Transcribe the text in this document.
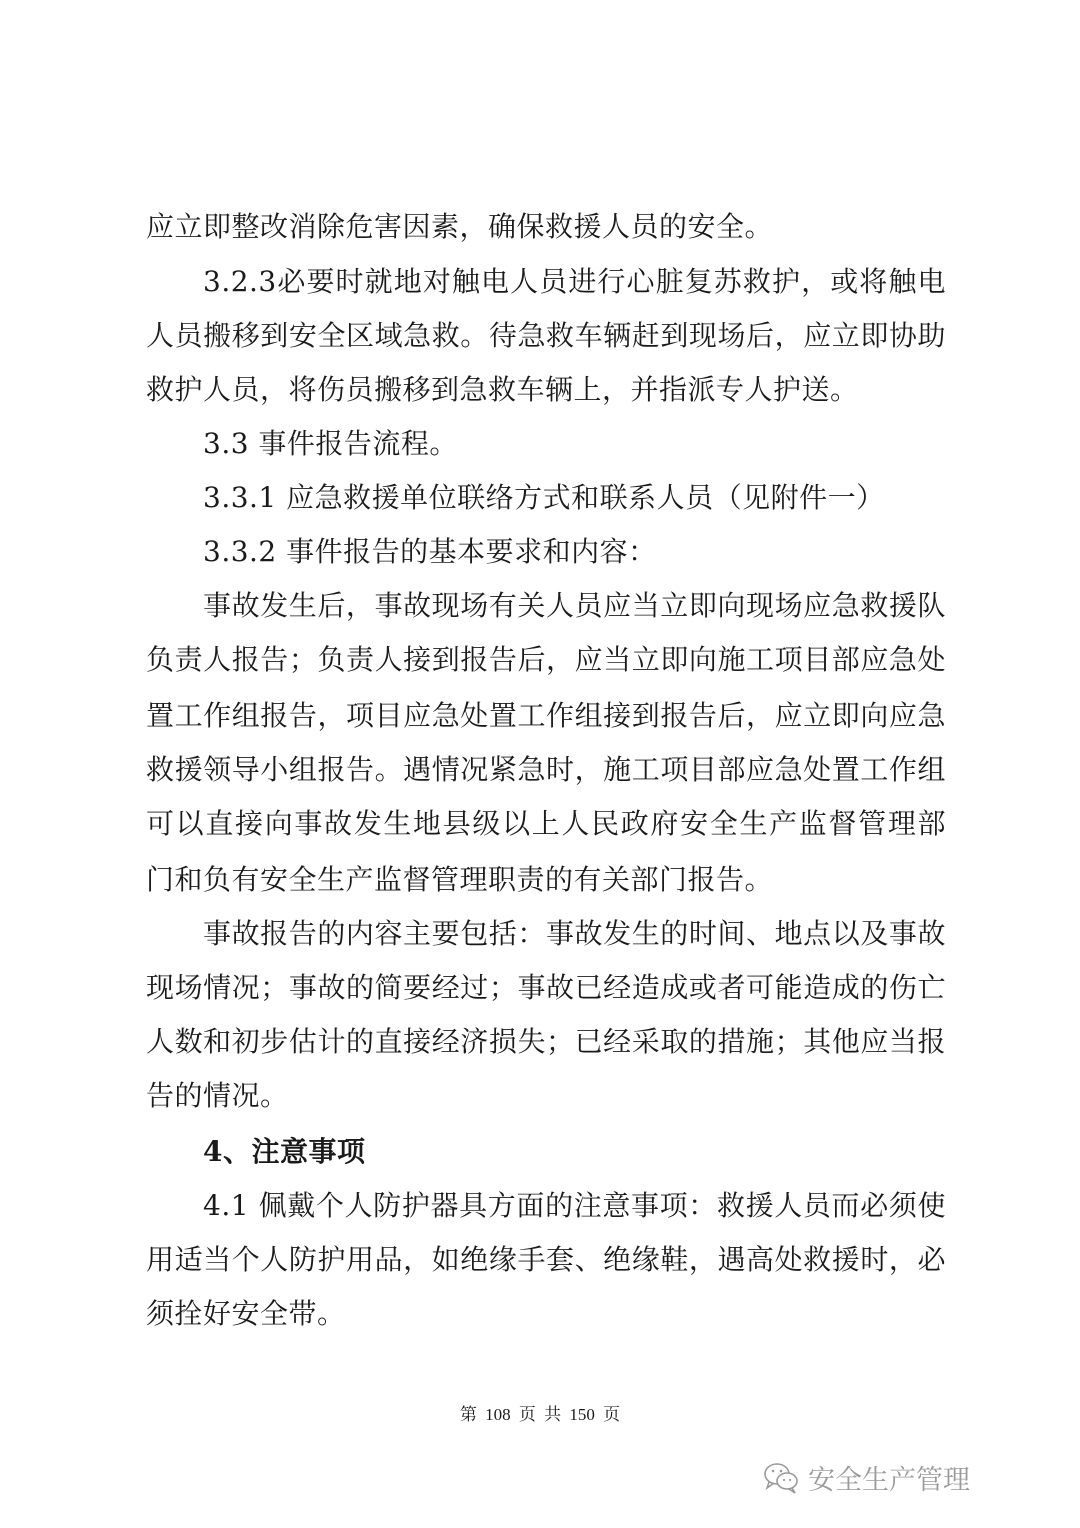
应立即整改消除危害因素，确保救援人员的安全。
3.2.3必要时就地对触电人员进行心脏复苏救护，或将触电
人员搬移到安全区域急救。待急救车辆赶到现场后，应立即协助
救护人员，将伤员搬移到急救车辆上，并指派专人护送。
3.3 事件报告流程。
3.3.1 应急救援单位联络方式和联系人员（见附件一）
3.3.2 事件报告的基本要求和内容：
事故发生后，事故现场有关人员应当立即向现场应急救援队
负责人报告；负责人接到报告后，应当立即向施工项目部应急处
置工作组报告，项目应急处置工作组接到报告后，应立即向应急
救援领导小组报告。遇情况紧急时，施工项目部应急处置工作组
可以直接向事故发生地县级以上人民政府安全生产监督管理部
门和负有安全生产监督管理职责的有关部门报告。
事故报告的内容主要包括：事故发生的时间、地点以及事故
现场情况；事故的简要经过；事故已经造成或者可能造成的伤亡
人数和初步估计的直接经济损失；已经采取的措施；其他应当报
告的情况。
4、注意事项
4.1 佩戴个人防护器具方面的注意事项：救援人员而必须使
用适当个人防护用品，如绝缘手套、绝缘鞋，遇高处救援时，必
须拴好安全带。
第 108 页 共 150 页
安全生产管理
